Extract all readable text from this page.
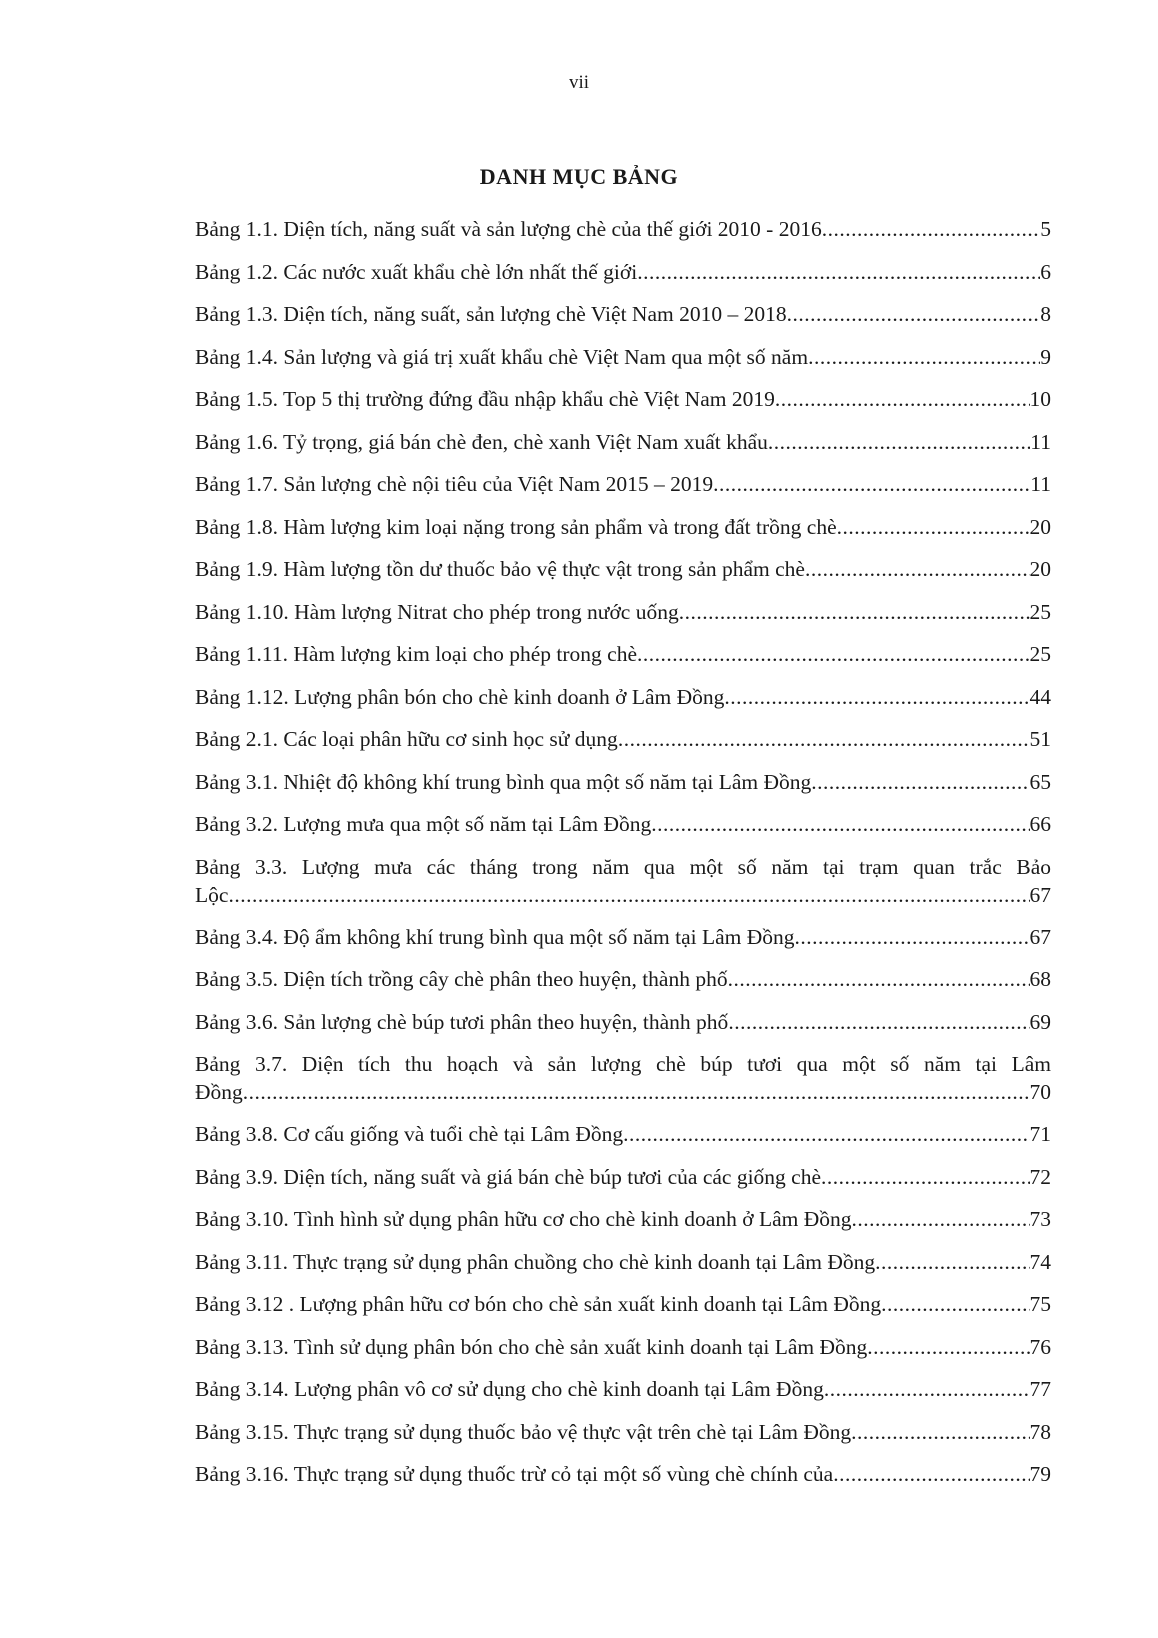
vii
DANH MỤC BẢNG
Bảng 1.1. Diện tích, năng suất và sản lượng chè của thế giới 2010 - 2016 .....	5
Bảng 1.2. Các nước xuất khẩu chè lớn nhất thế giới .....	6
Bảng 1.3. Diện tích, năng suất, sản lượng chè Việt Nam 2010 – 2018 .....	8
Bảng 1.4. Sản lượng và giá trị xuất khẩu chè Việt Nam qua một số năm .....	9
Bảng 1.5. Top 5 thị trường đứng đầu nhập khẩu chè Việt Nam 2019 .....	10
Bảng 1.6. Tỷ trọng, giá bán chè đen, chè xanh Việt Nam xuất khẩu .....	11
Bảng 1.7. Sản lượng chè nội tiêu của Việt Nam 2015 – 2019 .....	11
Bảng 1.8. Hàm lượng kim loại nặng trong sản phẩm và trong đất trồng chè .....	20
Bảng 1.9. Hàm lượng tồn dư thuốc bảo vệ thực vật trong sản phẩm chè .....	20
Bảng 1.10. Hàm lượng Nitrat cho phép trong nước uống .....	25
Bảng 1.11. Hàm lượng kim loại cho phép trong chè .....	25
Bảng 1.12. Lượng phân bón cho chè kinh doanh ở Lâm Đồng .....	44
Bảng 2.1. Các loại phân hữu cơ sinh học sử dụng .....	51
Bảng 3.1. Nhiệt độ không khí trung bình qua một số năm tại Lâm Đồng .....	65
Bảng 3.2. Lượng mưa qua một số năm tại Lâm Đồng .....	66
Bảng 3.3. Lượng mưa các tháng trong năm qua một số năm tại trạm quan trắc Bảo
Lộc .....	67
Bảng 3.4. Độ ẩm không khí trung bình qua một số năm tại Lâm Đồng .....	67
Bảng 3.5. Diện tích trồng cây chè phân theo huyện, thành phố .....	68
Bảng 3.6. Sản lượng chè búp tươi phân theo huyện, thành phố .....	69
Bảng 3.7. Diện tích thu hoạch và sản lượng chè búp tươi qua một số năm tại Lâm
Đồng .....	70
Bảng 3.8. Cơ cấu giống và tuổi chè tại Lâm Đồng .....	71
Bảng 3.9. Diện tích, năng suất và giá bán chè búp tươi của các giống chè .....	72
Bảng 3.10. Tình hình sử dụng phân hữu cơ cho chè kinh doanh ở Lâm Đồng .....	73
Bảng 3.11. Thực trạng sử dụng phân chuồng cho chè kinh doanh tại Lâm Đồng .....	74
Bảng 3.12 . Lượng phân hữu cơ bón cho chè sản xuất kinh doanh tại Lâm Đồng .....	75
Bảng 3.13. Tình sử dụng phân bón cho chè sản xuất kinh doanh tại Lâm Đồng .....	76
Bảng 3.14. Lượng phân vô cơ sử dụng cho chè kinh doanh tại Lâm Đồng .....	77
Bảng 3.15. Thực trạng sử dụng thuốc bảo vệ thực vật trên chè tại Lâm Đồng .....	78
Bảng 3.16. Thực trạng sử dụng thuốc trừ cỏ tại một số vùng chè chính của .....	79
